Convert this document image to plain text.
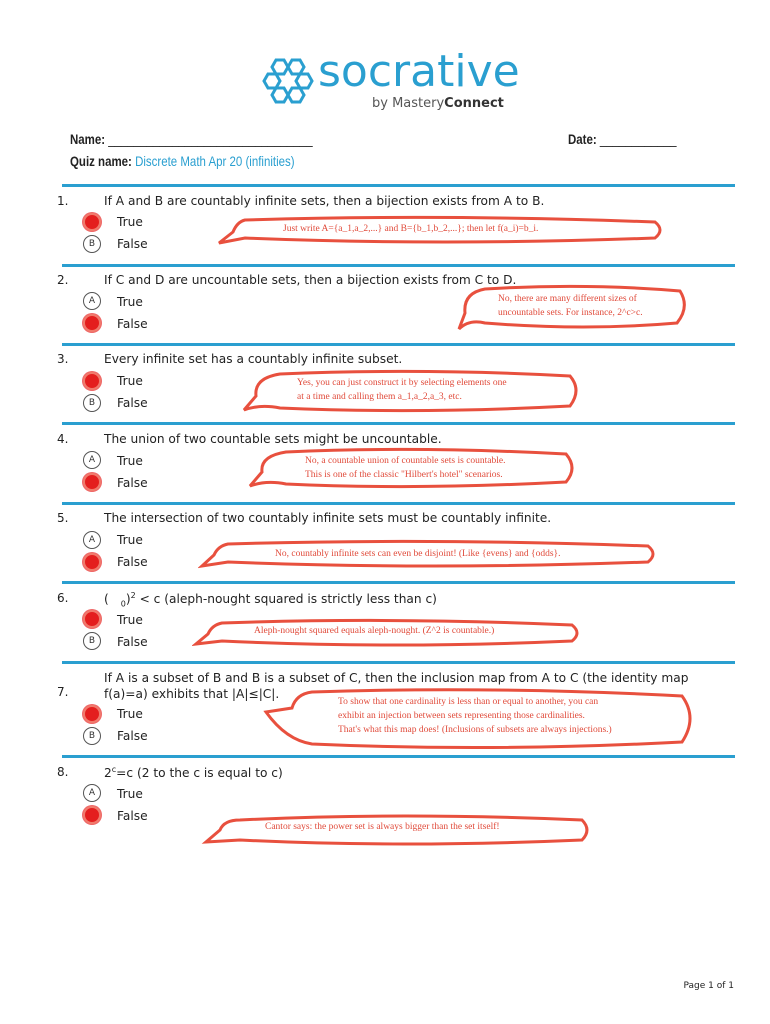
socrative
by MasteryConnect
Name: ________________________________	Date: ____________
Quiz name: Discrete Math Apr 20 (infinities)
1.	If A and B are countably infinite sets, then a bijection exists from A to B.
True
B	False
Just write A={a_1,a_2,...} and B={b_1,b_2,...}; then let f(a_i)=b_i.
2.	If C and D are uncountable sets, then a bijection exists from C to D.
A	True
False
No, there are many different sizes of
uncountable sets. For instance, 2^c>c.
3.	Every infinite set has a countably infinite subset.
True
B	False
Yes, you can just construct it by selecting elements one
at a time and calling them a_1,a_2,a_3, etc.
4.	The union of two countable sets might be uncountable.
A	True
False
No, a countable union of countable sets is countable.
This is one of the classic "Hilbert's hotel" scenarios.
5.	The intersection of two countably infinite sets must be countably infinite.
A	True
False
No, countably infinite sets can even be disjoint! (Like {evens} and {odds}.
6.	( $_0$)$^2$ < c (aleph-nought squared is strictly less than c)
True
B	False
Aleph-nought squared equals aleph-nought. (Z^2 is countable.)
7.
If A is a subset of B and B is a subset of C, then the inclusion map from A to C (the identity map
f(a)=a) exhibits that |A|≤|C|.
True
B	False
To show that one cardinality is less than or equal to another, you can
exhibit an injection between sets representing those cardinalities.
That's what this map does! (Inclusions of subsets are always injections.)
8.	$2^c=c$ (2 to the c is equal to c)
A	True
False
Cantor says: the power set is always bigger than the set itself!
Page 1 of 1
